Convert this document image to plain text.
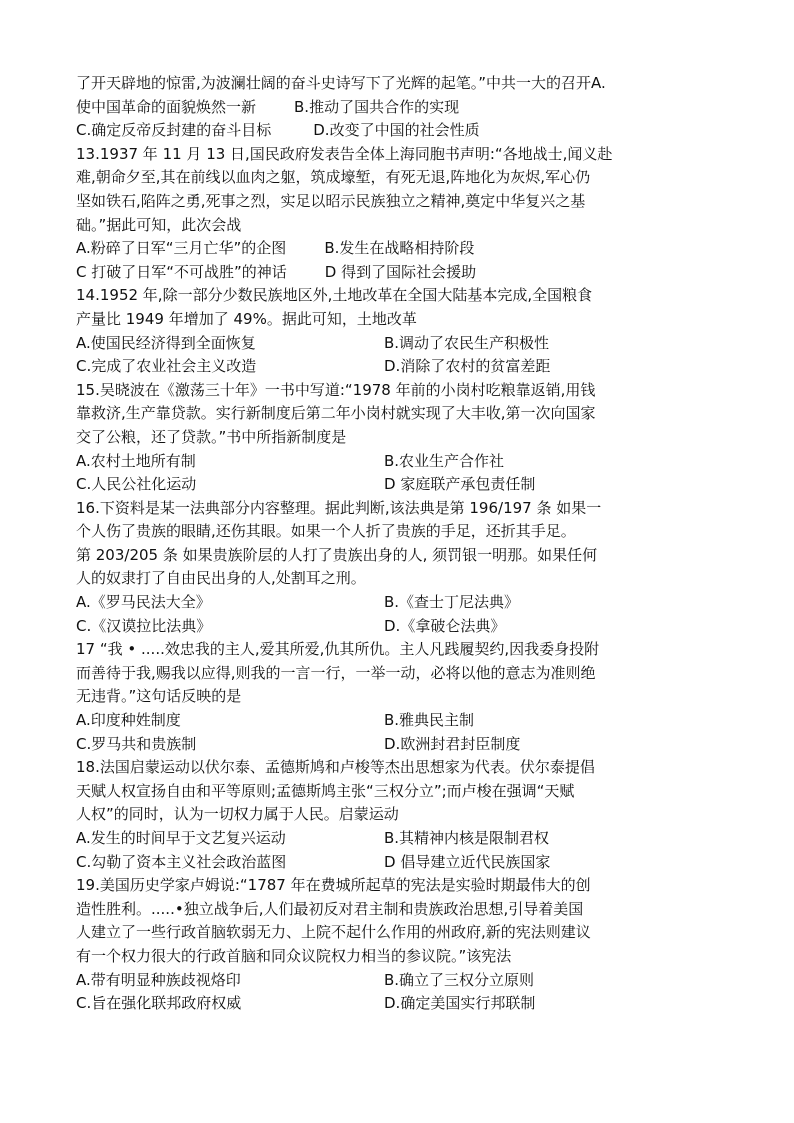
了开天辟地的惊雷,为波澜壮阔的奋斗史诗写下了光辉的起笔。”中共一大的召开A.
使中国革命的面貌焕然一新	B.推动了国共合作的实现
C.确定反帝反封建的奋斗目标	D.改变了中国的社会性质
13.1937 年 11 月 13 日,国民政府发表告全体上海同胞书声明:“各地战士,闻义赴
难,朝命夕至,其在前线以血肉之躯，筑成壕堑，有死无退,阵地化为灰烬,军心仍
坚如铁石,陷阵之勇,死事之烈，实足以昭示民族独立之精神,奠定中华复兴之基
础。”据此可知，此次会战
A.粉碎了日军“三月亡华”的企图	B.发生在战略相持阶段
C 打破了日军“不可战胜”的神话	D 得到了国际社会援助
14.1952 年,除一部分少数民族地区外,土地改革在全国大陆基本完成,全国粮食
产量比 1949 年增加了 49%。据此可知，土地改革
A.使国民经济得到全面恢复	B.调动了农民生产积极性
C.完成了农业社会主义改造	D.消除了农村的贫富差距
15.吴晓波在《激荡三十年》一书中写道:“1978 年前的小岗村吃粮靠返销,用钱
靠救济,生产靠贷款。实行新制度后第二年小岗村就实现了大丰收,第一次向国家
交了公粮，还了贷款。”书中所指新制度是
A.农村土地所有制	B.农业生产合作社
C.人民公社化运动	D 家庭联产承包责任制
16.下资料是某一法典部分内容整理。据此判断,该法典是第 196/197 条 如果一
个人伤了贵族的眼睛,还伤其眼。如果一个人折了贵族的手足，还折其手足。
第 203/205 条 如果贵族阶层的人打了贵族出身的人, 须罚银一明那。如果任何
人的奴隶打了自由民出身的人,处割耳之刑。
A.《罗马民法大全》	B.《查士丁尼法典》
C.《汉谟拉比法典》	D.《拿破仑法典》
17 “我 • .....效忠我的主人,爱其所爱,仇其所仇。主人凡践履契约,因我委身投附
而善待于我,赐我以应得,则我的一言一行，一举一动，必将以他的意志为准则绝
无违背。”这句话反映的是
A.印度种姓制度	B.雅典民主制
C.罗马共和贵族制	D.欧洲封君封臣制度
18.法国启蒙运动以伏尔泰、孟德斯鸠和卢梭等杰出思想家为代表。伏尔泰提倡
天赋人权宣扬自由和平等原则;孟德斯鸠主张“三权分立”;而卢梭在强调“天赋
人权”的同时，认为一切权力属于人民。启蒙运动
A.发生的时间早于文艺复兴运动	B.其精神内核是限制君权
C.勾勒了资本主义社会政治蓝图	D 倡导建立近代民族国家
19.美国历史学家卢姆说:“1787 年在费城所起草的宪法是实验时期最伟大的创
造性胜利。.....•独立战争后,人们最初反对君主制和贵族政治思想,引导着美国
人建立了一些行政首脑软弱无力、上院不起什么作用的州政府,新的宪法则建议
有一个权力很大的行政首脑和同众议院权力相当的参议院。”该宪法
A.带有明显种族歧视烙印	B.确立了三权分立原则
C.旨在强化联邦政府权威	D.确定美国实行邦联制
